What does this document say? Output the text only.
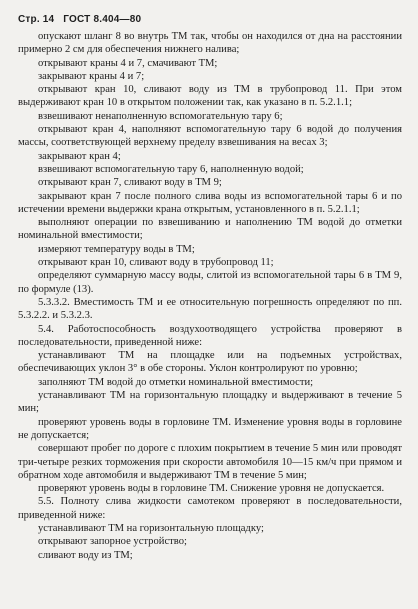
Стр. 14 ГОСТ 8.404—80

опускают шланг 8 во внутрь ТМ так, чтобы он находился от дна на расстоянии примерно 2 см для обеспечения нижнего налива;

открывают краны 4 и 7, смачивают ТМ;

закрывают краны 4 и 7;

открывают кран 10, сливают воду из ТМ в трубопровод 11. При этом выдерживают кран 10 в открытом положении так, как указано в п. 5.2.1.1;

взвешивают ненаполненную вспомогательную тару 6;

открывают кран 4, наполняют вспомогательную тару 6 водой до получения массы, соответствующей верхнему пределу взвешивания на весах 3;

закрывают кран 4;

взвешивают вспомогательную тару 6, наполненную водой;

открывают кран 7, сливают воду в ТМ 9;

закрывают кран 7 после полного слива воды из вспомогательной тары 6 и по истечении времени выдержки крана открытым, установленного в п. 5.2.1.1;

выполняют операции по взвешиванию и наполнению ТМ водой до отметки номинальной вместимости;

измеряют температуру воды в ТМ;

открывают кран 10, сливают воду в трубопровод 11;

определяют суммарную массу воды, слитой из вспомогательной тары 6 в ТМ 9, по формуле (13).

5.3.3.2. Вместимость ТМ и ее относительную погрешность определяют по пп. 5.3.2.2. и 5.3.2.3.

5.4. Работоспособность воздухоотводящего устройства проверяют в последовательности, приведенной ниже:

устанавливают ТМ на площадке или на подъемных устройствах, обеспечивающих уклон 3° в обе стороны. Уклон контролируют по уровню;

заполняют ТМ водой до отметки номинальной вместимости;

устанавливают ТМ на горизонтальную площадку и выдерживают в течение 5 мин;

проверяют уровень воды в горловине ТМ. Изменение уровня воды в горловине не допускается;

совершают пробег по дороге с плохим покрытием в течение 5 мин или проводят три-четыре резких торможения при скорости автомобиля 10—15 км/ч при прямом и обратном ходе автомобиля и выдерживают ТМ в течение 5 мин;

проверяют уровень воды в горловине ТМ. Снижение уровня не допускается.

5.5. Полноту слива жидкости самотеком проверяют в последовательности, приведенной ниже:

устанавливают ТМ на горизонтальную площадку;

открывают запорное устройство;

сливают воду из ТМ;
